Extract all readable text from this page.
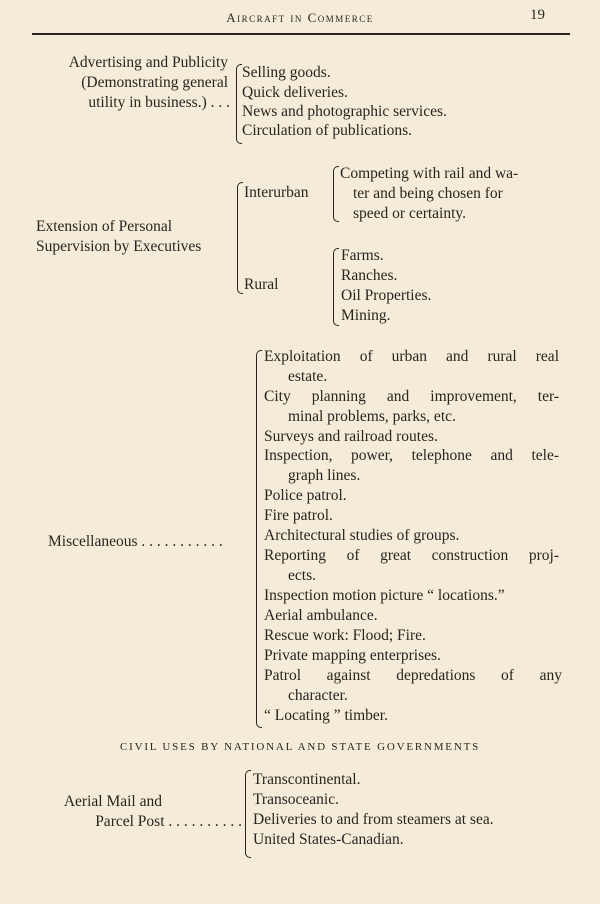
Aircraft in Commerce	19
Advertising and Publicity
(Demonstrating general
utility in business.) . . .
Selling goods.
Quick deliveries.
News and photographic services.
Circulation of publications.
Extension of Personal
Supervision by Executives
Interurban
Competing with rail and wa-
ter and being chosen for
speed or certainty.
Rural
Farms.
Ranches.
Oil Properties.
Mining.
Miscellaneous . . . . . . . . . . .
Exploitation of urban and rural real
estate.
City planning and improvement, ter-
minal problems, parks, etc.
Surveys and railroad routes.
Inspection, power, telephone and tele-
graph lines.
Police patrol.
Fire patrol.
Architectural studies of groups.
Reporting of great construction proj-
ects.
Inspection motion picture “ locations.”
Aerial ambulance.
Rescue work: Flood; Fire.
Private mapping enterprises.
Patrol against depredations of any
character.
“ Locating ” timber.
CIVIL USES BY NATIONAL AND STATE GOVERNMENTS
Aerial Mail and
Parcel Post . . . . . . . . . .
Transcontinental.
Transoceanic.
Deliveries to and from steamers at sea.
United States-Canadian.
